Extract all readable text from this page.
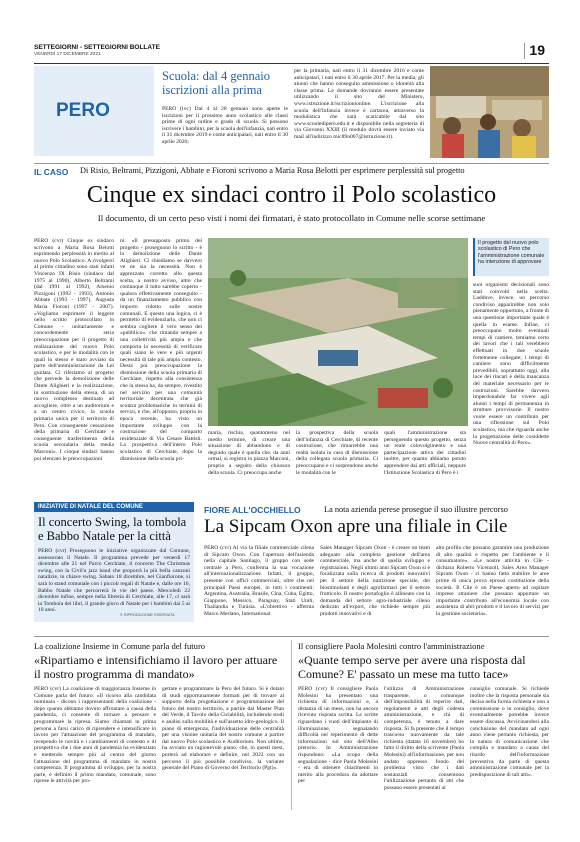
SETTEGIORNI - SETTEGIORNI BOLLATE
VENERDÌ 17 DICEMBRE 2021	19
PERO
Scuola: dal 4 gennaio iscrizioni alla prima
PERO (lvc) Dal 4 al 28 gennaio sono aperte le iscrizioni per il prossimo anno scolastico alle classi prime di ogni ordine e grado di scuola. Si possono iscrivere i bambini, per la scuola dell'infanzia, nati entro il 31 dicembre 2019 e come anticipatari, nati entro il 30 aprile 2020;
per la primaria, nati entro il 31 dicembre 2016 e come anticipatari, i nati entro il 30 aprile 2017. Per la media, gli alunni che hanno conseguito ammissione o idoneità alla classe prima. Le domande dovranno essere presentate utilizzando il sito del Ministero, www.istruzione.it/iscrizionionline. L'iscrizione alla scuola dell'Infanzia invece è cartacea, attraverso la modulistica che sarà scaricabile dal sito www.scuolediperò.edu.it e disponibile nella segreteria di via Giovanni XXIII (il modulo dovrà essere inviato via mail all'indirizzo mic89n007@istruzione.it).
IL CASO Di Risio, Beltrami, Pizzigoni, Abbate e Fioroni scrivono a Maria Rosa Belotti per esprimere perplessità sul progetto
Cinque ex sindaci contro il Polo scolastico
Il documento, di un certo peso visti i nomi dei firmatari, è stato protocollato in Comune nelle scorse settimane
PERO (cvr) Cinque ex sindaco scrivono a Maria Rosa Belotti esprimendo perplessità in merito al nuovo Polo Scolastico. A rivolgersi al primo cittadino sono stati infatti Vincenzo Di Risio (sindaco dal 1975 al 1990), Alberto Beltrami (dal 1991 al 1992), Arsenio Pizzigoni (1992 - 1993), Antonio Abbate (1993 - 1997), Augusta Maria Fioroni (1997 - 2007). «Vogliamo esprimere il leggere nello scritto protocollato in Comune - unitariamente e concordemente seria preoccupazione per il progetto di realizzazione del nuovo Polo scolastico, e per le modalità con le quali lo stesso è stato avviato da parte dell'amministrazione da Lei guidata. Ci riferiamo al progetto che prevede la demolizione delle Dante Alighieri e la realizzazione, in sostituzione della stessa, di un nuovo complesso destinato ad accogliere, oltre a un auditorium e a un centro civico, la scuola primaria unica per il territorio di Pero. Con conseguente cessazione della primaria di Cerchiate e conseguente trasferimento della scuola secondaria della media Marconi». I cinque sindaci hanno poi elencato le preoccupazioni
ni. «Il presupposto primo del progetto - proseguono lo scritto - è la demolizione delle Dante Alighieri. Ci chiediamo se davvero ve ne sia la necessità. Non è apprezzato corretto allo questa scelta, a nostro avviso, altre che comunque il tutto sarebbe coperto - qualora effettivamente conseguito - da un finanziamento pubblico con importo ridotto sulle nostre comunali. E questo una logica, ci è permetto di evidenziarlo, che non ci sembra cogliere il vero senso del «pubblico». che rimanda sempre a una collettività più ampia e che comporta la necessità di verificare quali siano le vere e più urgenti necessità di tale più ampio contesto. Desta poi preoccupazione la dismissione della scuola primaria di Cerchiate, rispetto alla consistenza che la stessa ha, da sempre, rivestito nel servizio per una comunità territoriale decentrata che già scontra problematiche in termini di servizi, e che, all'opposto, proprio in epoca recente, ha visto un importante sviluppo con la costruzione del comparto residenziale di Via Cesare Battisti. La prospettiva dell'intero Polo scolastico di Cerchiate, dopo la dismissione della scuola pri-
Il progetto del nuovo polo scolastico di Pero che l'amministrazione comunale ha intenzione di approvare
maria, rischia, quantomeno nel medio termine, di creare una situazione di abbandono e di degrado quale è quella che, da anni ormai, si registra in piazza Marconi, proprio a seguito della chiusura della scuola. Ci preoccupa anche
la prospettiva della scuola dell'infanzia di Cerchiate, di recente costruzione, che rimarrebbe una realtà isolata in caso di dismissione della collegata scuola primaria. Ci preoccupano e ci sorprendono anche le modalità con le
quali l'amministrazione sta perseguendo questo progetto, senza un reale coinvolgimento e una partecipazione attiva dei cittadini inoltre, per quanto abbiamo potuto apprendere dai atti ufficiali, neppure l'Istituzione Scolastica di Pero è i
suoi organismi decisionali sono stati coinvolti nella scelta. Ladduve, invece, un percorso condiviso apparirebbe non solo pienamente opportuno, a fronte di una questione importante quale è quella in esame. Infine, ci preoccupano molto eventuali tempi di cantiere, temiamo certo dei lavori che i tali verebbero effettuati in due scuole fortemente collegate; i tempi di cantiere sono difficilmente prevedibili, soprattutto oggi, alla luce dei rincari e della mancanza del materiale necessario per le costruzioni. Sarebbe davvero imperdonabile far vivere agli alunni i tempi di permanenza in strutture provvisorie. Il nostro vuole essere un contributo per una riflessione sul Polo scolastico, ma che riguarda anche la progettazione delle cosiddette Nuove centralità di Pero».
INIZIATIVE DI NATALE DEL COMUNE
Il concerto Swing, la tombola e Babbo Natale per la città
PERO (cvr) Proseguono le iniziative organizzate dal Comune, assessorato il Natale. Il programma prevede per venerdì 17 dicembre alle 21 nel Parco Cerchiate, il concerto The Christmas swing, con la Civil'a jazz band che proporrà la più bella canzoni natalizie, in chiave swing. Sabato 18 dicembre, nel Gianfiorone, si sarà lo stand comunale con i piccoli regali di Natale e, dalle ore 16, Babbo Natale che percorrerà le vie del paese. Mercoledì 22 dicembre infine, sempre nella libreria di Cerchiate, alle 17, ci sarà la Tombola dei libri, il grande gioco di Natale per i bambini dai 5 ai 10 anni.
© RIPRODUZIONE RISERVATA
FIORE ALL'OCCHIELLO	La nota azienda perese prosegue il suo illustre percorso
La Sipcam Oxon apre una filiale in Cile
PERO (cvr) Al via la filiale commerciale cilena di Sipcam Oxon. Con l'apertura dell'azienda nella capitale Santiago, il gruppo con sede centrale a Pero, conferma la sua vocazione all'internazionalizzazione. Infatti, il gruppo, presente con uffici commerciali, oltre che nei principali Paesi europei, in tutti i continenti: Argentina, Australia, Brasile, Cina, Cuba, Egitto, Giappone, Messico, Paraguay, Stati Uniti, Thailandia e Tunisia. «L'obiettivo - afferma Marco Merlano, International
Sales Manager Sipcam Oxon - è creare un team adeguato alla completa gestione dell'area commerciale, ma anche di quella sviluppo e registrazioni. Negli ultimi anni Sipcam Oxon si è focalizzata sulla ricerca di prodotti innovativi per il settore della nutrizione speciale, dei biostimolanti e degli agrofarmaci per il settore frutticolo. Il nostro portafoglio è allineato con la domanda del settore agro-industriale cileno dedicato all'export, che richiede sempre più prodotti innovativi e di
alto profilo che possano garantire una produzione di alto qualità e rispetto per l'ambiente e il consumatore». «Le nostre attività in Cile - dichiara Roberto Vicenzoll, Sales Area Manager Sipcam Oxon - ci hanno fatto stabilire le aree prime di unica prova eprossi costituzione della società. Il Cile è un Paese aperto ad ospitare imprese straniere che possano apportare un importante contributo all'economia locale con assistenza di altri prodotti e il lavoro di servizi per la gestione societaria».
La coalizione Insieme in Comune parla del futuro
«Ripartiamo e intensifichiamo il lavoro per attuare il nostro programma di mandato»
PERO (cvr) La coalizione di maggioranza Insieme in Comune parla del futuro. «Il ricorso alla candidata nominata - dicono i rappresentanti della coalizione - dopo quanto abbiamo dovuto affrontare a causa della pandemia, ci consente di tornare a pensare e programmare la ripresa. Siamo chiamati in prima persona a farsi carico di riprendere e intensificare in lavoro per l'attuazione del programma di mandato, recependo le novità e i cambiamenti di contesto e di prospettiva che i due anni di pandemia ha evidenziato e mettendo sempre più al centro del giorno l'attuazione del programma di mandato in nostra competenza. Il programma di sviluppo, per la nostra parte, è definito il primo mandato, comunale, sono riprese le attività per pro-
gettare e programmare la Pero del futuro. Si è dotato di studi opportunamente formati per di trovare al supporto della progettazione e programmazione del futuro del nostro territorio, a partire dal Master Plan del Verde, il Tavolo della Ciclabilità, includendo studi e analisi sulla mobilità e sull'assetto idro-geologico. Il piano di emergenza, l'individuazione delle centralità per una visione unitaria del nostro comune a partire dal nuovo Polo scolastico e Auditorium. Non ultimo, ha avviato un ragionevole piano, che, in questi mesi, porterà ad elaborare e definire, nel 2022 con un percorso il più possibile condiviso, la variante generale del Piano di Governo del Territorio (Pgt)».
Il consigliere Paola Molesini contro l'amministrazione
«Quante tempo serve per avere una risposta dal Comune? E' passato un mese ma tutto tace»
PERO (cvr) Il consigliere Paola Molesini ha presentato una richiesta di informazioni e, a distanza di un mese, non ha ancora ricevuto risposta scritta. Le scritte riguardano i vuoti dell'impianto di illuminazione, segnalando difficoltà nel reperimento di dette informazioni sul sito dell'Albo pretorio. In Amministrazione rispondono: «La scopo della segnalazione - dice Paola Molesini - era di ottenere chiarimenti in merito alla procedura da adottare per
l'utilizzo di Amministrazione trasparente, o comunque dell'impossibilità di reperire dati, regolamenti e atti degli codesta amministrazione, e chi di competenza, è tenuto a dare risposta. Si fa presente che il tempo trascorso nuovamente da tale richiesta (datata 16 novembre) ho fatto il diritto della scrivente (Paola Molesini) all'informazione, per non andato oppresso fondo del problema visto che i dati sostanziali consentono l'utilizzazione pertanto di atti che possano essere presentati al
consiglio comunale. Si richiede inoltre che la risposta personale sia decisa nella forma richiesta e non a commissione o in consiglio, dove eventualmente potrebbe invece essere discussa. Avvicinandosi alla conclusione del mandato ad ogni anno viene pertanto richiesta, per la natura di comunicazione che compila e mandato a causa del ritardo dell'informazione preventiva da parte di questa amministrazione comunale per la predisposizione di tali atti».
